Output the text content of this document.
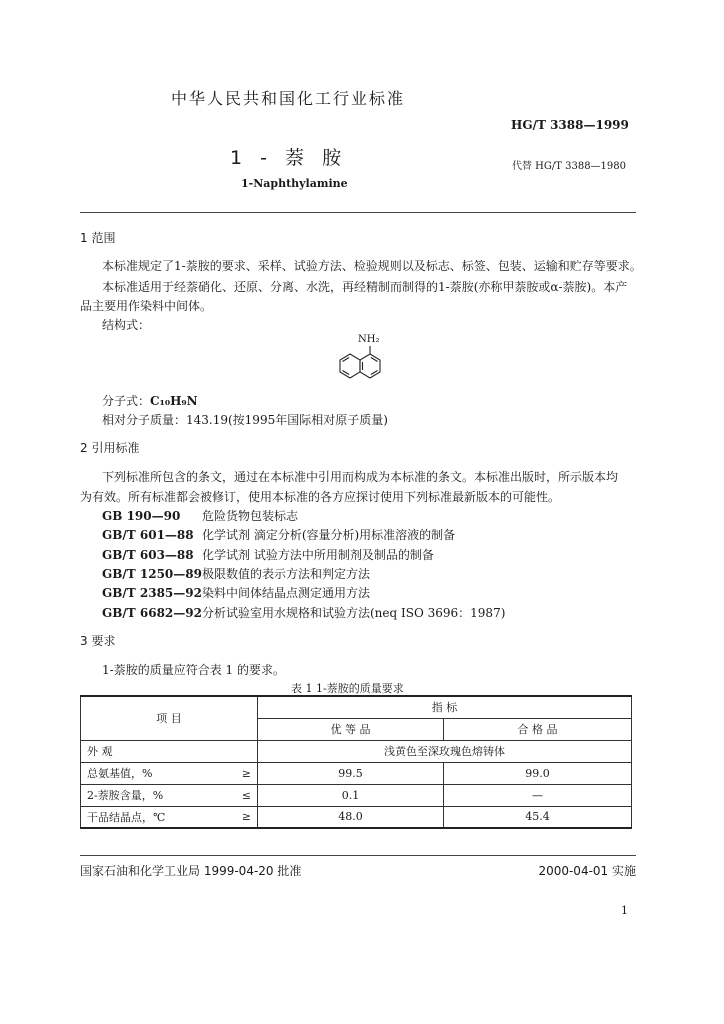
中华人民共和国化工行业标准
HG/T 3388—1999
1 - 萘 胺	代替 HG/T 3388—1980
1-Naphthylamine
1 范围
本标准规定了1-萘胺的要求、采样、试验方法、检验规则以及标志、标签、包装、运输和贮存等要求。
本标准适用于经萘硝化、还原、分离、水洗，再经精制而制得的1-萘胺(亦称甲萘胺或α-萘胺)。本产
品主要用作染料中间体。
结构式：
NH₂
分子式：C₁₀H₉N
相对分子质量：143.19(按1995年国际相对原子质量)
2 引用标准
下列标准所包含的条文，通过在本标准中引用而构成为本标准的条文。本标准出版时，所示版本均
为有效。所有标准都会被修订，使用本标准的各方应探讨使用下列标准最新版本的可能性。
GB 190—90 危险货物包装标志
GB/T 601—88 化学试剂 滴定分析(容量分析)用标准溶液的制备
GB/T 603—88 化学试剂 试验方法中所用制剂及制品的制备
GB/T 1250—89极限数值的表示方法和判定方法
GB/T 2385—92染料中间体结晶点测定通用方法
GB/T 6682—92分析试验室用水规格和试验方法(neq ISO 3696：1987)
3 要求
1-萘胺的质量应符合表 1 的要求。
表 1 1-萘胺的质量要求
项 目		指 标	
		优 等 品	合 格 品
外 观		浅黄色至深玫瑰色熔铸体	
总氨基值，%	≥	99.5	99.0
2-萘胺含量，%	≤	0.1	—
干品结晶点，℃	≥	48.0	45.4
国家石油和化学工业局 1999-04-20 批准	2000-04-01 实施
1
